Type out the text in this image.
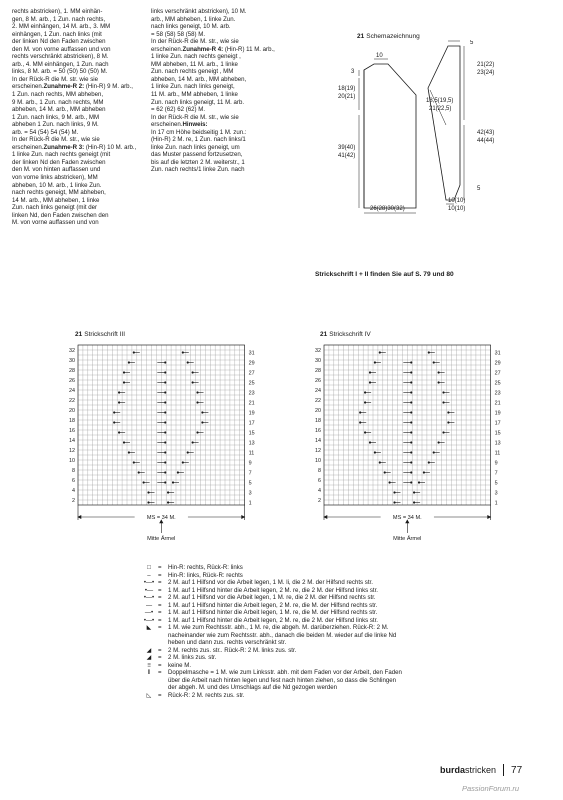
rechts abstricken), 1. MM einhän-
gen, 8 M. arb., 1 Zun. nach rechts,
2. MM einhängen, 14 M. arb., 3. MM
einhängen, 1 Zun. nach links (mit
der linken Nd den Faden zwischen
den M. von vorne auffassen und von
rechts verschränkt abstricken), 8 M.
arb., 4. MM einhängen, 1 Zun. nach
links, 8 M. arb. = 50 (50) 50 (50) M.
In der Rück-R die M. str. wie sie
erscheinen.Zunahme-R 2: (Hin-R) 9 M. arb.,
1 Zun. nach rechts, MM abheben,
9 M. arb., 1 Zun. nach rechts, MM
abheben, 14 M. arb., MM abheben
1 Zun. nach links, 9 M. arb., MM
abheben 1 Zun. nach links, 9 M.
arb. = 54 (54) 54 (54) M.
In der Rück-R die M. str., wie sie
erscheinen.Zunahme-R 3: (Hin-R) 10 M. arb.,
1 linke Zun. nach rechts geneigt (mit
der linken Nd den Faden zwischen
den M. von hinten auffassen und
von vorne links abstricken), MM
abheben, 10 M. arb., 1 linke Zun.
nach rechts geneigt, MM abheben,
14 M. arb., MM abheben, 1 linke
Zun. nach links geneigt (mit der
linken Nd, den Faden zwischen den
M. von vorne auffassen und von

links verschränkt abstricken), 10 M.
arb., MM abheben, 1 linke Zun.
nach links geneigt, 10 M. arb.
= 58 (58) 58 (58) M.
In der Rück-R die M. str., wie sie
erscheinen.Zunahme-R 4: (Hin-R) 11 M. arb.,
1 linke Zun. nach rechts geneigt ,
MM abheben, 11 M. arb., 1 linke
Zun. nach rechts geneigt , MM
abheben, 14 M. arb., MM abheben,
1 linke Zun. nach links geneigt,
11 M. arb., MM abheben, 1 linke
Zun. nach links geneigt, 11 M. arb.
= 62 (62) 62 (62) M.
In der Rück-R die M. str., wie sie
erscheinen.Hinweis:
In 17 cm Höhe beidseitig 1 M. zun.:
(Hin-R) 2 M. re, 1 Zun. nach links/1
linke Zun. nach links geneigt, um
das Muster passend fortzusetzen,
bis auf die letzten 2 M. weiterstr., 1
Zun. nach rechts/1 linke Zun. nach

21 Schemazeichnung
10
5
3
21(22)
23(24)
18(19)
20(21)
18,5(19,5)
21(22,5)
39(40)
41(42)
42(43)
44(44)
5
26(28)30(32)
10(10)
10(10)
Strickschrift I + II finden Sie auf S. 79 und 80
21 Strickschrift III
32
30
28
26
24
22
20
18
16
14
12
10
8
6
4
2
31
29
27
25
23
21
19
17
15
13
11
9
7
5
3
1
MS = 34 M.
Mitte Ärmel
21 Strickschrift IV
32
30
28
26
24
22
20
18
16
14
12
10
8
6
4
2
31
29
27
25
23
21
19
17
15
13
11
9
7
5
3
1
MS = 34 M.
Mitte Ärmel
□	=	Hin-R: rechts, Rück-R: links
–	=	Hin-R: links, Rück-R: rechts
•—• =	2 M. auf 1 Hilfsnd vor die Arbeit legen, 1 M. li, die 2 M. der Hilfsnd rechts str.
•— =	1 M. auf 1 Hilfsnd hinter die Arbeit legen, 2 M. re, die 2 M. der Hilfsnd links str.
•—• =	2 M. auf 1 Hilfsnd vor die Arbeit legen, 1 M. re, die 2 M. der Hilfsnd rechts str.
— =	1 M. auf 1 Hilfsnd hinter die Arbeit legen, 2 M. re, die M. der Hilfsnd rechts str.
—• =	1 M. auf 1 Hilfsnd hinter die Arbeit legen, 1 M. re, die M. der Hilfsnd rechts str.
•—• =	1 M. auf 1 Hilfsnd hinter die Arbeit legen, 2 M. re, die 2 M. der Hilfsnd links str.
◣	=	1 M. wie zum Rechtsstr. abh., 1 M. re, die abgeh. M. darüberziehen. Rück-R: 2 M.
nacheinander wie zum Rechtsstr. abh., danach die beiden M. wieder auf die linke Nd
heben und dann zus. rechts verschränkt str.
◢	=	2 M. rechts zus. str.. Rück-R: 2 M. links zus. str.
◢	=	2 M. links zus. str.
≡	=	keine M.
⦀	=	Doppelmasche = 1 M. wie zum Linksstr. abh. mit dem Faden vor der Arbeit, den Faden
über die Arbeit nach hinten legen und fest nach hinten ziehen, so dass die Schlingen
der abgeh. M. und des Umschlags auf die Nd gezogen werden
◺	=	Rück-R: 2 M. rechts zus. str.
burda stricken 77
PassionForum.ru
